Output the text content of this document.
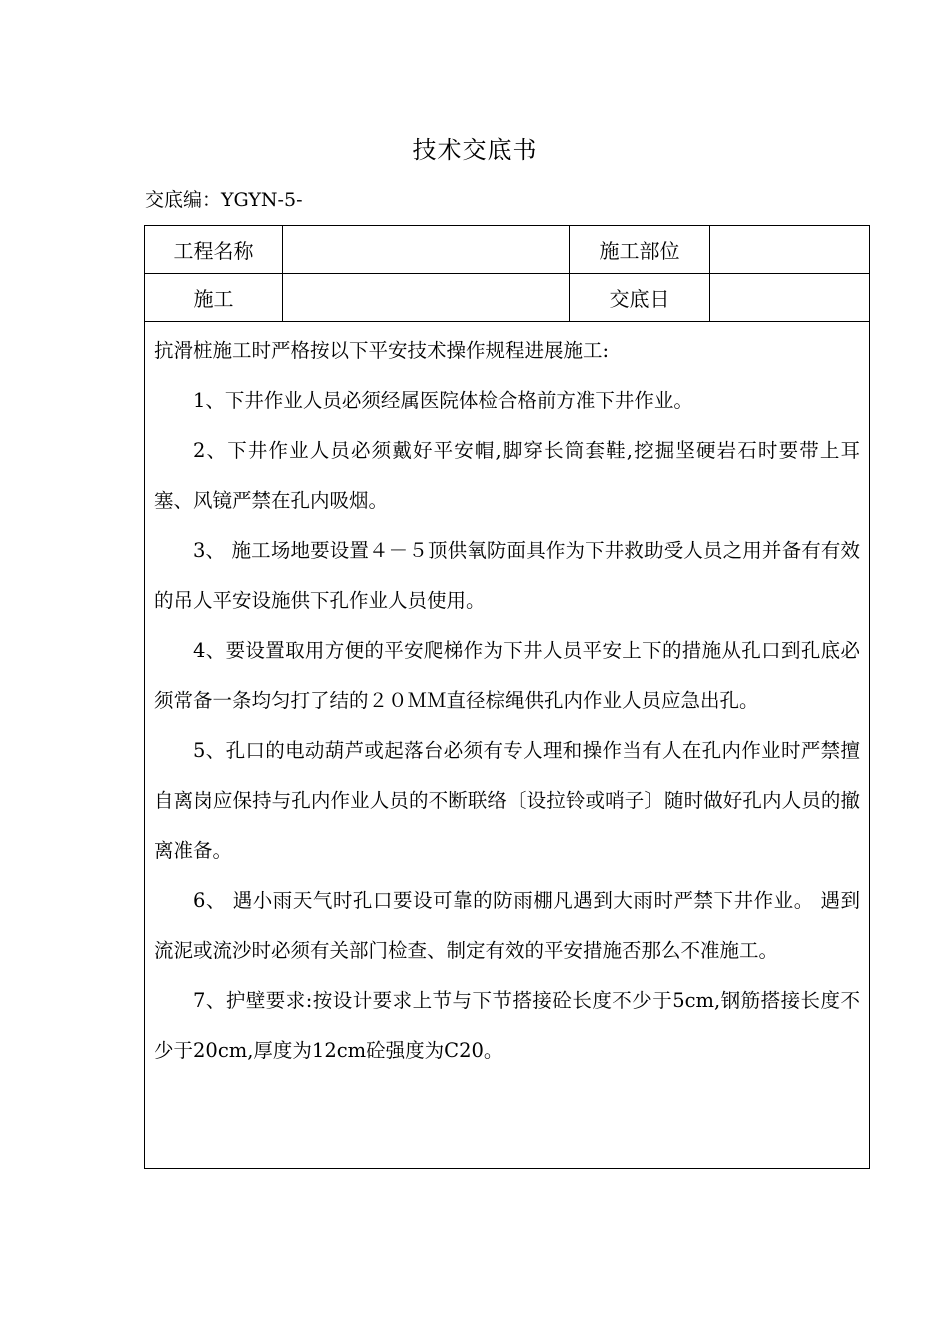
技术交底书
交底编：YGYN-5-
工程名称	施工部位
施工	交底日

抗滑桩施工时严格按以下平安技术操作规程进展施工:

1、下井作业人员必须经属医院体检合格前方准下井作业。

2、下井作业人员必须戴好平安帽,脚穿长筒套鞋,挖掘坚硬岩石时要带上耳塞、风镜严禁在孔内吸烟。

3、 施工场地要设置４－５顶供氧防面具作为下井救助受人员之用并备有有效的吊人平安设施供下孔作业人员使用。

4、要设置取用方便的平安爬梯作为下井人员平安上下的措施从孔口到孔底必须常备一条均匀打了结的２０ＭＭ直径棕绳供孔内作业人员应急出孔。

5、孔口的电动葫芦或起落台必须有专人理和操作当有人在孔内作业时严禁擅自离岗应保持与孔内作业人员的不断联络〔设拉铃或哨子〕随时做好孔内人员的撤离准备。

6、 遇小雨天气时孔口要设可靠的防雨棚凡遇到大雨时严禁下井作业。 遇到流泥或流沙时必须有关部门检查、制定有效的平安措施否那么不准施工。

7、护壁要求:按设计要求上节与下节搭接砼长度不少于5cm,钢筋搭接长度不少于20cm,厚度为12cm砼强度为C20。
